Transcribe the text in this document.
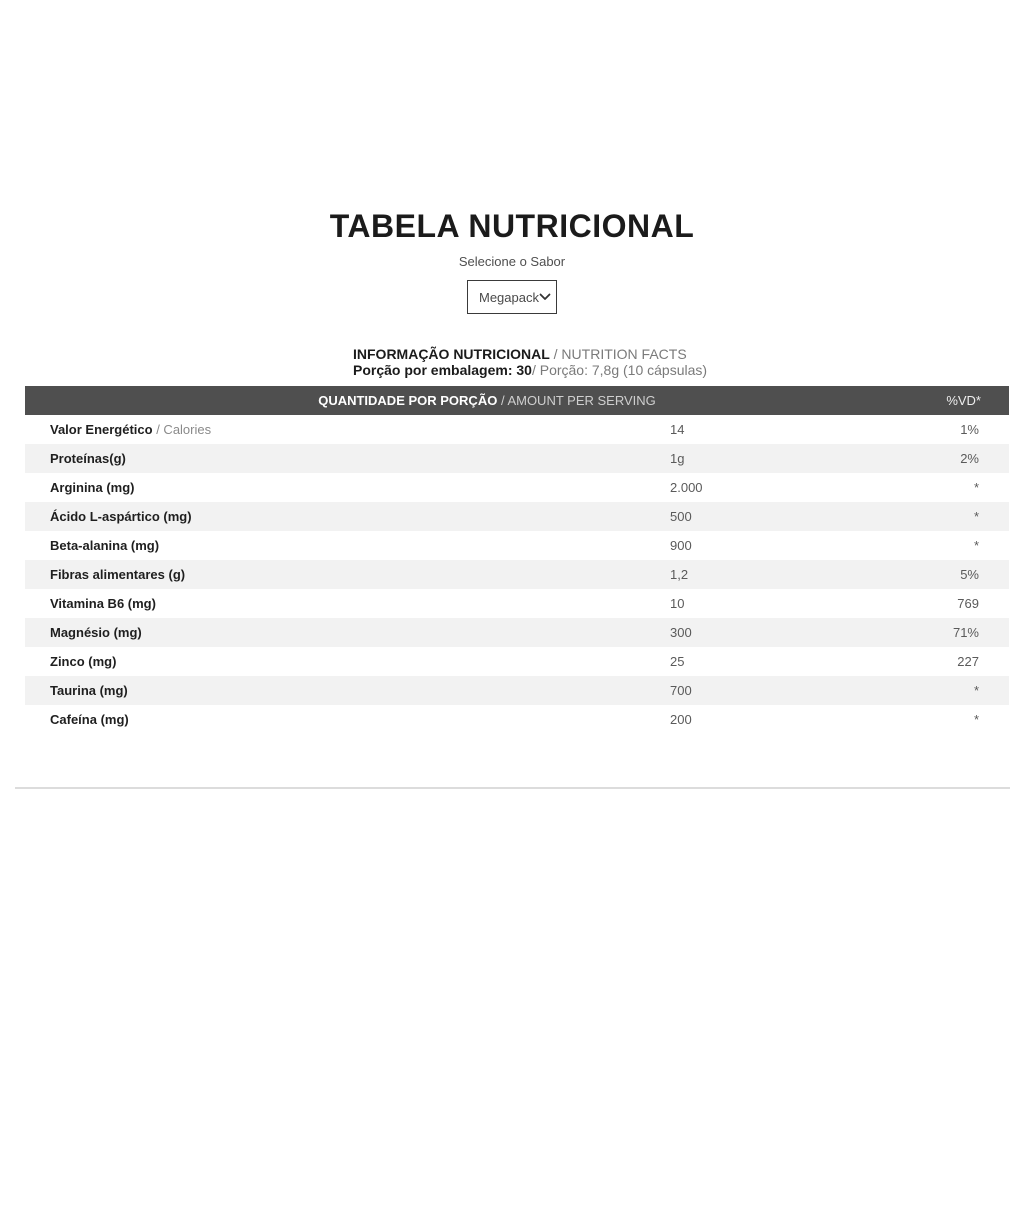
TABELA NUTRICIONAL
Selecione o Sabor
Megapack
INFORMAÇÃO NUTRICIONAL / NUTRITION FACTS
Porção por embalagem: 30/ Porção: 7,8g (10 cápsulas)
QUANTIDADE POR PORÇÃO / AMOUNT PER SERVING	%VD*
Valor Energético / Calories	14	1%
Proteínas(g)	1g	2%
Arginina (mg)	2.000	*
Ácido L-aspártico (mg)	500	*
Beta-alanina (mg)	900	*
Fibras alimentares (g)	1,2	5%
Vitamina B6 (mg)	10	769
Magnésio (mg)	300	71%
Zinco (mg)	25	227
Taurina (mg)	700	*
Cafeína (mg)	200	*
